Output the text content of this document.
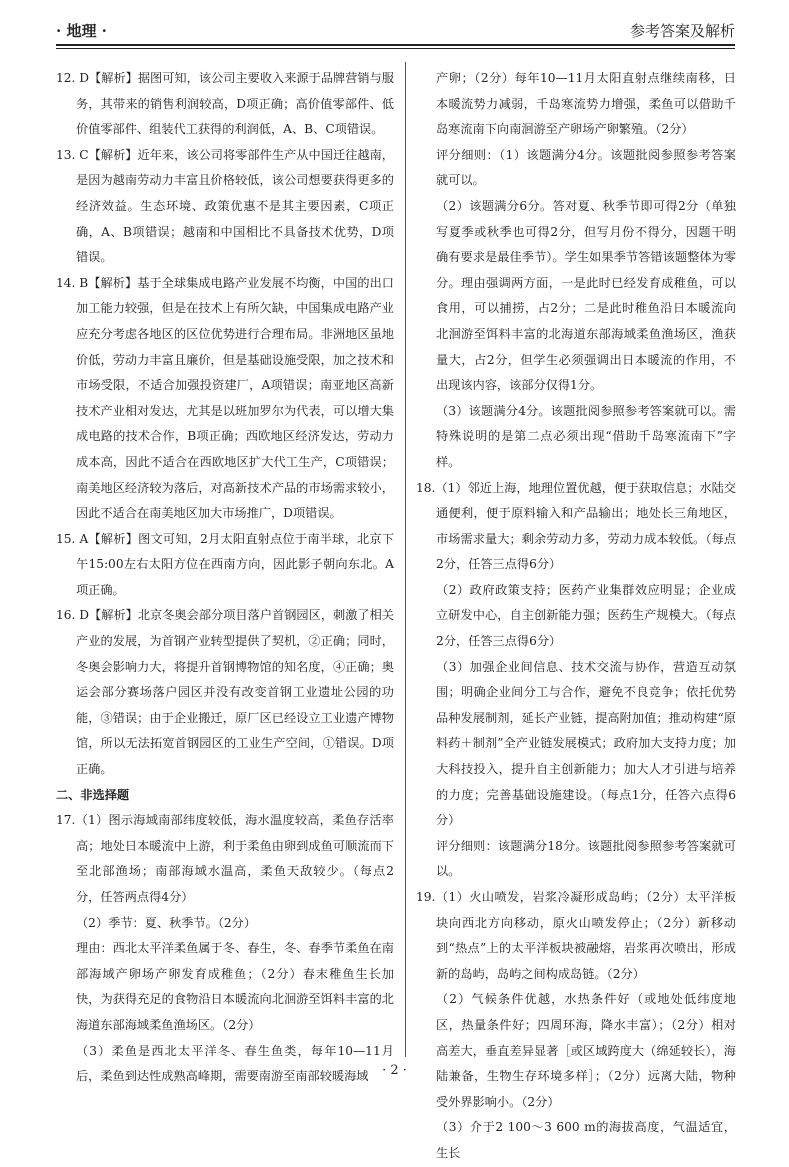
· 地理 ·	参考答案及解析

12. D【解析】据图可知，该公司主要收入来源于品牌营销与服务，其带来的销售利润较高，D项正确；高价值零部件、低价值零部件、组装代工获得的利润低，A、B、C项错误。

13. C【解析】近年来，该公司将零部件生产从中国迁往越南，是因为越南劳动力丰富且价格较低，该公司想要获得更多的经济效益。生态环境、政策优惠不是其主要因素，C项正确，A、B项错误；越南和中国相比不具备技术优势，D项错误。

14. B【解析】基于全球集成电路产业发展不均衡，中国的出口加工能力较强，但是在技术上有所欠缺，中国集成电路产业应充分考虑各地区的区位优势进行合理布局。非洲地区虽地价低，劳动力丰富且廉价，但是基础设施受限，加之技术和市场受限，不适合加强投资建厂，A项错误；南亚地区高新技术产业相对发达，尤其是以班加罗尔为代表，可以增大集成电路的技术合作，B项正确；西欧地区经济发达，劳动力成本高，因此不适合在西欧地区扩大代工生产，C项错误；南美地区经济较为落后，对高新技术产品的市场需求较小，因此不适合在南美地区加大市场推广，D项错误。

15. A【解析】图文可知，2月太阳直射点位于南半球，北京下午15:00左右太阳方位在西南方向，因此影子朝向东北。A项正确。

16. D【解析】北京冬奥会部分项目落户首钢园区，刺激了相关产业的发展，为首钢产业转型提供了契机，②正确；同时，冬奥会影响力大，将提升首钢博物馆的知名度，④正确；奥运会部分赛场落户园区并没有改变首钢工业遗址公园的功能，③错误；由于企业搬迁，原厂区已经设立工业遗产博物馆，所以无法拓宽首钢园区的工业生产空间，①错误。D项正确。

二、非选择题

17.（1）图示海域南部纬度较低，海水温度较高，柔鱼存活率高；地处日本暖流中上游，利于柔鱼由卵到成鱼可顺流而下至北部渔场；南部海域水温高，柔鱼天敌较少。（每点2分，任答两点得4分）

（2）季节：夏、秋季节。（2分）

理由：西北太平洋柔鱼属于冬、春生，冬、春季节柔鱼在南部海域产卵场产卵发育成稚鱼；（2分）春末稚鱼生长加快，为获得充足的食物沿日本暖流向北洄游至饵料丰富的北海道东部海域柔鱼渔场区。（2分）

（3）柔鱼是西北太平洋冬、春生鱼类，每年10—11月后，柔鱼到达性成熟高峰期，需要南游至南部较暖海域

产卵；（2分）每年10—11月太阳直射点继续南移，日本暖流势力减弱，千岛寒流势力增强，柔鱼可以借助千岛寒流南下向南洄游至产卵场产卵繁殖。（2分）

评分细则：（1）该题满分4分。该题批阅参照参考答案就可以。

（2）该题满分6分。答对夏、秋季节即可得2分（单独写夏季或秋季也可得2分，但写月份不得分，因题干明确有要求是最佳季节）。学生如果季节答错该题整体为零分。理由强调两方面，一是此时已经发育成稚鱼，可以食用，可以捕捞，占2分；二是此时稚鱼沿日本暖流向北洄游至饵料丰富的北海道东部海域柔鱼渔场区，渔获量大，占2分，但学生必须强调出日本暖流的作用，不出现该内容，该部分仅得1分。

（3）该题满分4分。该题批阅参照参考答案就可以。需特殊说明的是第二点必须出现“借助千岛寒流南下”字样。

18.（1）邻近上海，地理位置优越，便于获取信息；水陆交通便利，便于原料输入和产品输出；地处长三角地区，市场需求量大；剩余劳动力多，劳动力成本较低。（每点2分，任答三点得6分）

（2）政府政策支持；医药产业集群效应明显；企业成立研发中心，自主创新能力强；医药生产规模大。（每点2分，任答三点得6分）

（3）加强企业间信息、技术交流与协作，营造互动氛围；明确企业间分工与合作，避免不良竞争；依托优势品种发展制剂，延长产业链，提高附加值；推动构建“原料药＋制剂”全产业链发展模式；政府加大支持力度；加大科技投入，提升自主创新能力；加大人才引进与培养的力度；完善基础设施建设。（每点1分，任答六点得6分）

评分细则：该题满分18分。该题批阅参照参考答案就可以。

19.（1）火山喷发，岩浆冷凝形成岛屿；（2分）太平洋板块向西北方向移动，原火山喷发停止；（2分）新移动到“热点”上的太平洋板块被融熔，岩浆再次喷出，形成新的岛屿，岛屿之间构成岛链。（2分）

（2）气候条件优越，水热条件好（或地处低纬度地区，热量条件好；四周环海，降水丰富）；（2分）相对高差大，垂直差异显著［或区域跨度大（绵延较长），海陆兼备，生物生存环境多样］；（2分）远离大陆，物种受外界影响小。（2分）

（3）介于2 100～3 600 m的海拔高度，气温适宜，生长

· 2 ·
